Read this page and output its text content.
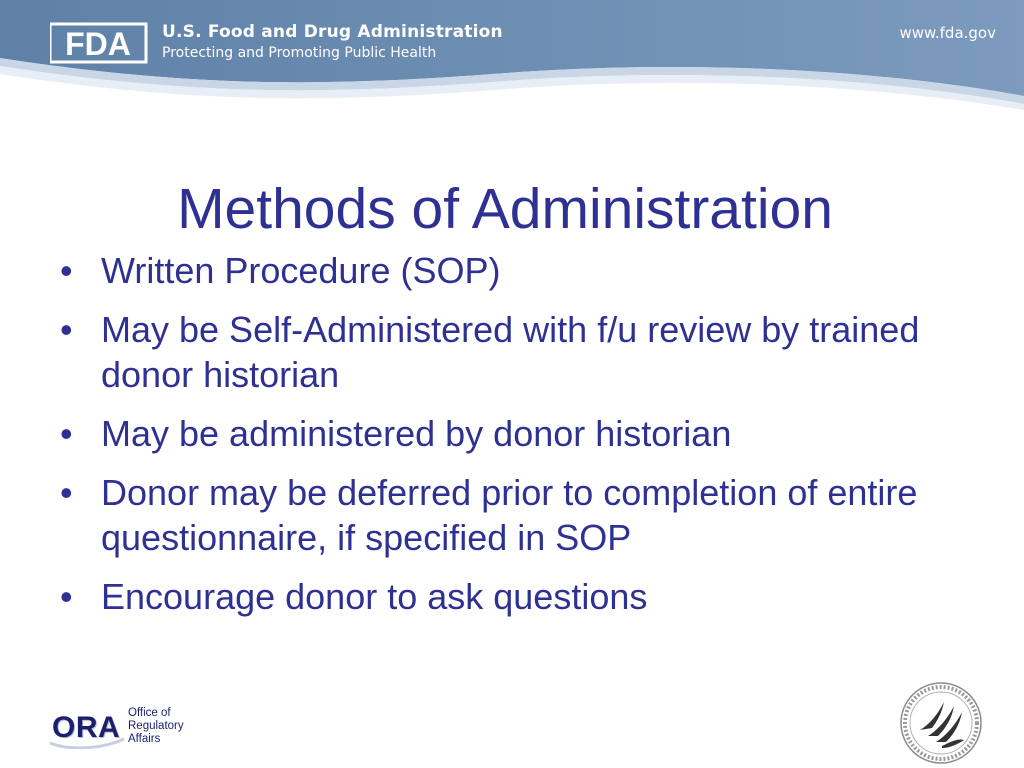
FDA U.S. Food and Drug Administration
Protecting and Promoting Public Health
www.fda.gov
Methods of Administration
• Written Procedure (SOP)
• May be Self-Administered with f/u review by trained donor historian
• May be administered by donor historian
• Donor may be deferred prior to completion of entire questionnaire, if specified in SOP
• Encourage donor to ask questions
ORA Office of
Regulatory
Affairs
